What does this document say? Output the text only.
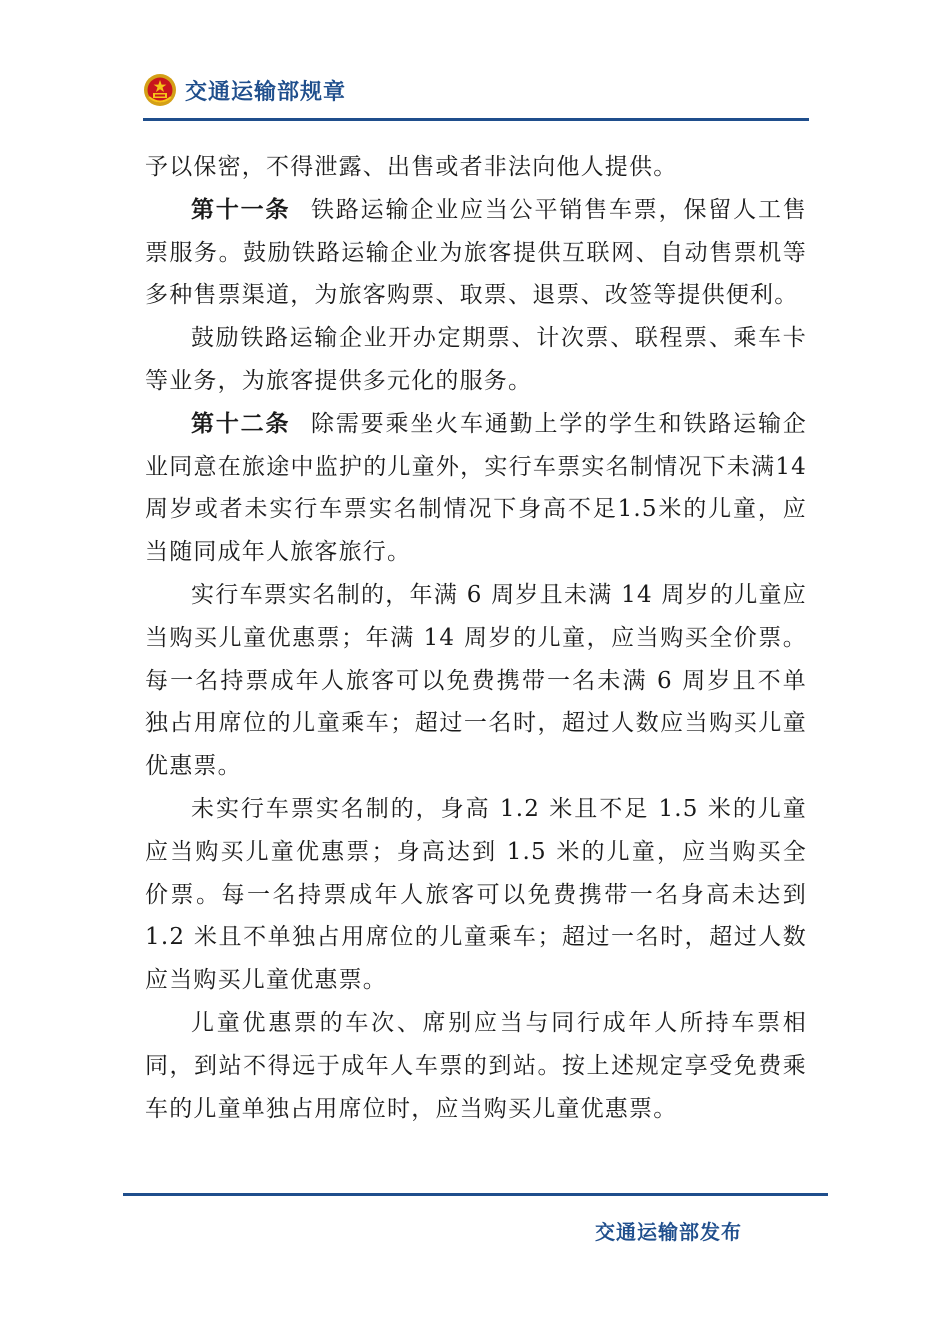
交通运输部规章

予以保密，不得泄露、出售或者非法向他人提供。

第十一条 铁路运输企业应当公平销售车票，保留人工售票服务。鼓励铁路运输企业为旅客提供互联网、自动售票机等多种售票渠道，为旅客购票、取票、退票、改签等提供便利。

鼓励铁路运输企业开办定期票、计次票、联程票、乘车卡等业务，为旅客提供多元化的服务。

第十二条 除需要乘坐火车通勤上学的学生和铁路运输企业同意在旅途中监护的儿童外，实行车票实名制情况下未满14周岁或者未实行车票实名制情况下身高不足1.5米的儿童，应当随同成年人旅客旅行。

实行车票实名制的，年满 6 周岁且未满 14 周岁的儿童应当购买儿童优惠票；年满 14 周岁的儿童，应当购买全价票。每一名持票成年人旅客可以免费携带一名未满 6 周岁且不单独占用席位的儿童乘车；超过一名时，超过人数应当购买儿童优惠票。

未实行车票实名制的，身高 1.2 米且不足 1.5 米的儿童应当购买儿童优惠票；身高达到 1.5 米的儿童，应当购买全价票。每一名持票成年人旅客可以免费携带一名身高未达到 1.2 米且不单独占用席位的儿童乘车；超过一名时，超过人数应当购买儿童优惠票。

儿童优惠票的车次、席别应当与同行成年人所持车票相同，到站不得远于成年人车票的到站。按上述规定享受免费乘车的儿童单独占用席位时，应当购买儿童优惠票。

交通运输部发布
